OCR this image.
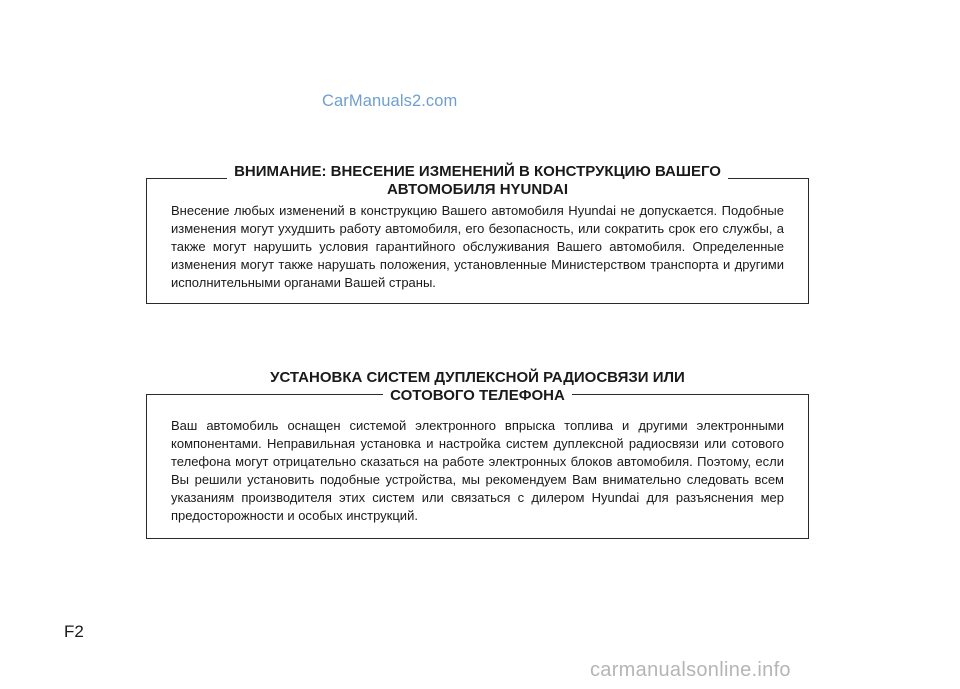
CarManuals2.com
ВНИМАНИЕ: ВНЕСЕНИЕ ИЗМЕНЕНИЙ В КОНСТРУКЦИЮ ВАШЕГО
АВТОМОБИЛЯ HYUNDAI

Внесение любых изменений в конструкцию Вашего автомобиля Hyundai не допускается. Подобные изменения могут ухудшить работу автомобиля, его безопасность, или сократить срок его службы, а также могут нарушить условия гарантийного обслуживания Вашего автомобиля. Определенные изменения могут также нарушать положения, установленные Министерством транспорта и другими исполнительными органами Вашей страны.

УСТАНОВКА СИСТЕМ ДУПЛЕКСНОЙ РАДИОСВЯЗИ ИЛИ
СОТОВОГО ТЕЛЕФОНА

Ваш автомобиль оснащен системой электронного впрыска топлива и другими электронными компонентами. Неправильная установка и настройка систем дуплексной радиосвязи или сотового телефона могут отрицательно сказаться на работе электронных блоков автомобиля. Поэтому, если Вы решили установить подобные устройства, мы рекомендуем Вам внимательно следовать всем указаниям производителя этих систем или связаться с дилером Hyundai для разъяснения мер предосторожности и особых инструкций.

F2
carmanualsonline.info
